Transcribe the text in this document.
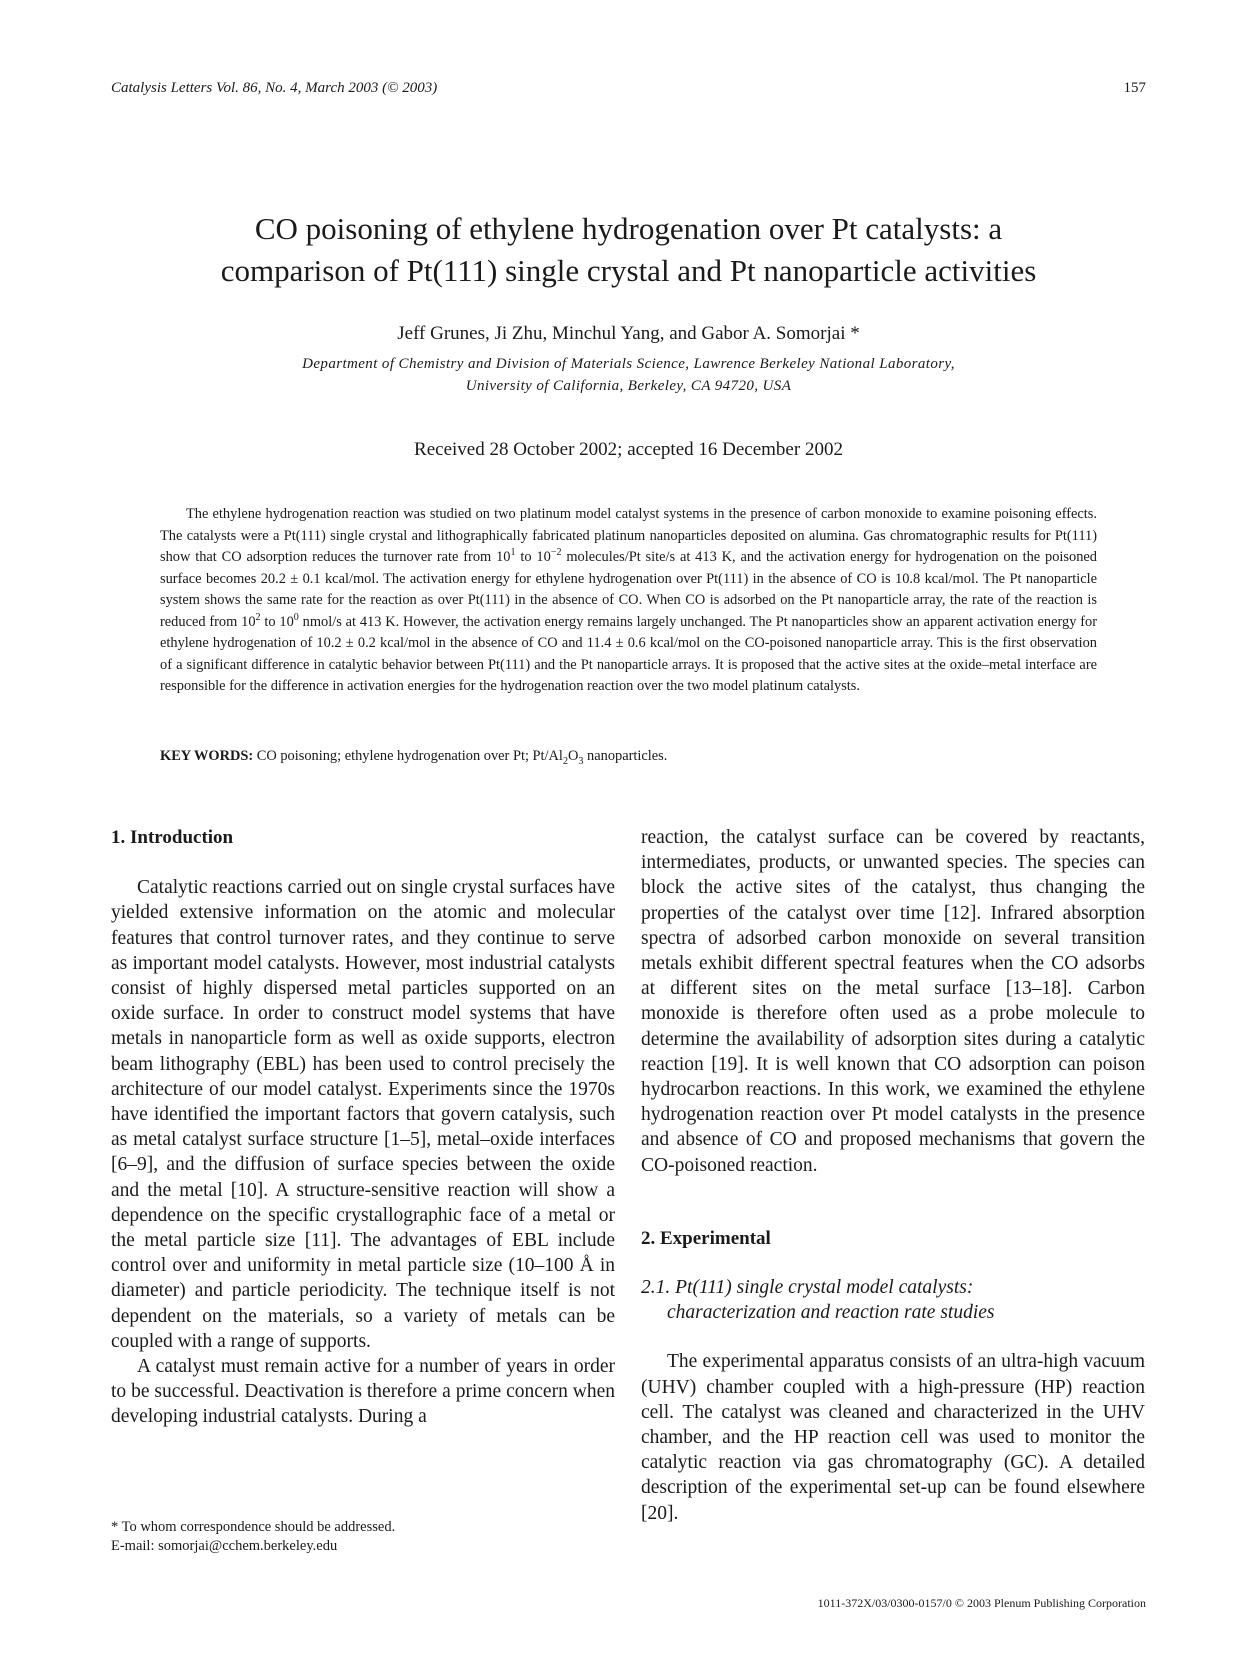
Catalysis Letters Vol. 86, No. 4, March 2003 (© 2003)	157
CO poisoning of ethylene hydrogenation over Pt catalysts: a
comparison of Pt(111) single crystal and Pt nanoparticle activities
Jeff Grunes, Ji Zhu, Minchul Yang, and Gabor A. Somorjai *
Department of Chemistry and Division of Materials Science, Lawrence Berkeley National Laboratory,
University of California, Berkeley, CA 94720, USA
Received 28 October 2002; accepted 16 December 2002
The ethylene hydrogenation reaction was studied on two platinum model catalyst systems in the presence of carbon monoxide to examine poisoning effects. The catalysts were a Pt(111) single crystal and lithographically fabricated platinum nanoparticles deposited on alumina. Gas chromatographic results for Pt(111) show that CO adsorption reduces the turnover rate from $10^1$ to $10^{-2}$ molecules/Pt site/s at 413 K, and the activation energy for hydrogenation on the poisoned surface becomes 20.2 ± 0.1 kcal/mol. The activation energy for ethylene hydrogenation over Pt(111) in the absence of CO is 10.8 kcal/mol. The Pt nanoparticle system shows the same rate for the reaction as over Pt(111) in the absence of CO. When CO is adsorbed on the Pt nanoparticle array, the rate of the reaction is reduced from $10^2$ to $10^0$ nmol/s at 413 K. However, the activation energy remains largely unchanged. The Pt nanoparticles show an apparent activation energy for ethylene hydrogenation of 10.2 ± 0.2 kcal/mol in the absence of CO and 11.4 ± 0.6 kcal/mol on the CO-poisoned nanoparticle array. This is the first observation of a significant difference in catalytic behavior between Pt(111) and the Pt nanoparticle arrays. It is proposed that the active sites at the oxide–metal interface are responsible for the difference in activation energies for the hydrogenation reaction over the two model platinum catalysts.
KEY WORDS: CO poisoning; ethylene hydrogenation over Pt; $Pt/Al_2O_3$ nanoparticles.

1. Introduction

Catalytic reactions carried out on single crystal surfaces have yielded extensive information on the atomic and molecular features that control turnover rates, and they continue to serve as important model catalysts. However, most industrial catalysts consist of highly dispersed metal particles supported on an oxide surface. In order to construct model systems that have metals in nanoparticle form as well as oxide supports, electron beam lithography (EBL) has been used to control precisely the architecture of our model catalyst. Experiments since the 1970s have identified the important factors that govern catalysis, such as metal catalyst surface structure [1–5], metal–oxide interfaces [6–9], and the diffusion of surface species between the oxide and the metal [10]. A structure-sensitive reaction will show a dependence on the specific crystallographic face of a metal or the metal particle size [11]. The advantages of EBL include control over and uniformity in metal particle size (10–100 Å in diameter) and particle periodicity. The technique itself is not dependent on the materials, so a variety of metals can be coupled with a range of supports.

A catalyst must remain active for a number of years in order to be successful. Deactivation is therefore a prime concern when developing industrial catalysts. During a

reaction, the catalyst surface can be covered by reactants, intermediates, products, or unwanted species. The species can block the active sites of the catalyst, thus changing the properties of the catalyst over time [12]. Infrared absorption spectra of adsorbed carbon monoxide on several transition metals exhibit different spectral features when the CO adsorbs at different sites on the metal surface [13–18]. Carbon monoxide is therefore often used as a probe molecule to determine the availability of adsorption sites during a catalytic reaction [19]. It is well known that CO adsorption can poison hydrocarbon reactions. In this work, we examined the ethylene hydrogenation reaction over Pt model catalysts in the presence and absence of CO and proposed mechanisms that govern the CO-poisoned reaction.

2. Experimental

2.1. Pt(111) single crystal model catalysts:
characterization and reaction rate studies

The experimental apparatus consists of an ultra-high vacuum (UHV) chamber coupled with a high-pressure (HP) reaction cell. The catalyst was cleaned and characterized in the UHV chamber, and the HP reaction cell was used to monitor the catalytic reaction via gas chromatography (GC). A detailed description of the experimental set-up can be found elsewhere [20].

* To whom correspondence should be addressed.
E-mail: somorjai@cchem.berkeley.edu
1011-372X/03/0300-0157/0 © 2003 Plenum Publishing Corporation
